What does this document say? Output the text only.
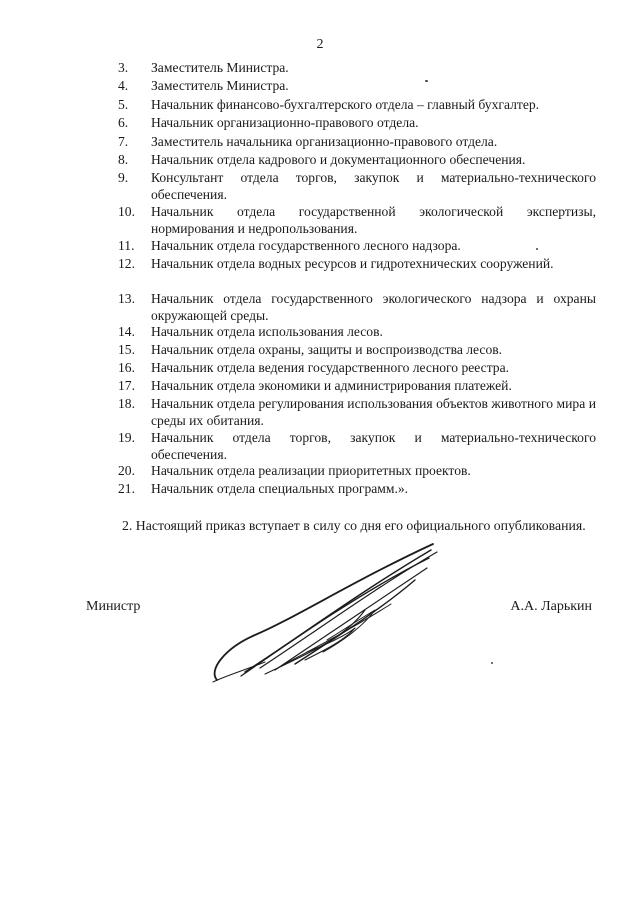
2
3.	Заместитель Министра.
4.	Заместитель Министра.
5.	Начальник финансово-бухгалтерского отдела – главный бухгалтер.
6.	Начальник организационно-правового отдела.
7.	Заместитель начальника организационно-правового отдела.
8.	Начальник отдела кадрового и документационного обеспечения.
9.	Консультант отдела торгов, закупок и материально-технического обеспечения.
10.	Начальник отдела государственной экологической экспертизы, нормирования и недропользования.
11.	Начальник отдела государственного лесного надзора.
12.	Начальник отдела водных ресурсов и гидротехнических сооружений.
13.	Начальник отдела государственного экологического надзора и охраны окружающей среды.
14.	Начальник отдела использования лесов.
15.	Начальник отдела охраны, защиты и воспроизводства лесов.
16.	Начальник отдела ведения государственного лесного реестра.
17.	Начальник отдела экономики и администрирования платежей.
18.	Начальник отдела регулирования использования объектов животного мира и среды их обитания.
19.	Начальник отдела торгов, закупок и материально-технического обеспечения.
20.	Начальник отдела реализации приоритетных проектов.
21.	Начальник отдела специальных программ.».
2. Настоящий приказ вступает в силу со дня его официального опубликования.
Министр	А.А. Ларькин
